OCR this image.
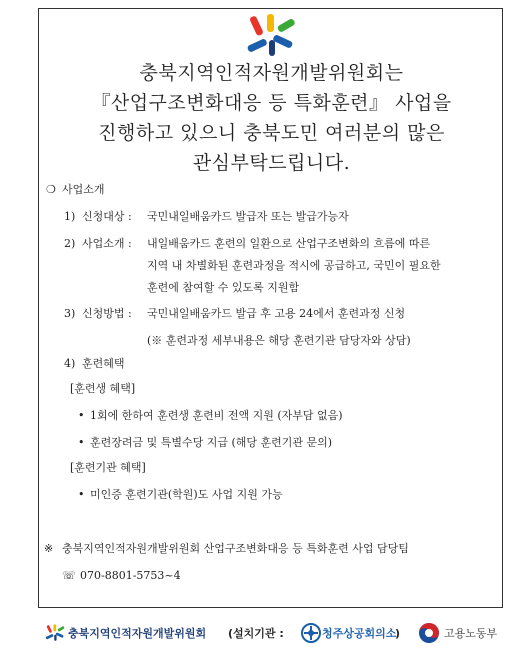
충북지역인적자원개발위원회는
『산업구조변화대응 등 특화훈련』 사업을
진행하고 있으니 충북도민 여러분의 많은
관심부탁드립니다.
❍ 사업소개
1) 신청대상 : 국민내일배움카드 발급자 또는 발급가능자
2) 사업소개 : 내일배움카드 훈련의 일환으로 산업구조변화의 흐름에 따른
지역 내 차별화된 훈련과정을 적시에 공급하고, 국민이 필요한
훈련에 참여할 수 있도록 지원함
3) 신청방법 : 국민내일배움카드 발급 후 고용 24에서 훈련과정 신청
(※ 훈련과정 세부내용은 해당 훈련기관 담당자와 상담)
4) 훈련혜택
[훈련생 혜택]
• 1회에 한하여 훈련생 훈련비 전액 지원 (자부담 없음)
• 훈련장려금 및 특별수당 지급 (해당 훈련기관 문의)
[훈련기관 혜택]
• 미인증 훈련기관(학원)도 사업 지원 가능
※ 충북지역인적자원개발위원회 산업구조변화대응 등 특화훈련 사업 담당팀
☏ 070-8801-5753~4
충북지역인적자원개발위원회 (설치기관 :	청주상공회의소
)	고용노동부
